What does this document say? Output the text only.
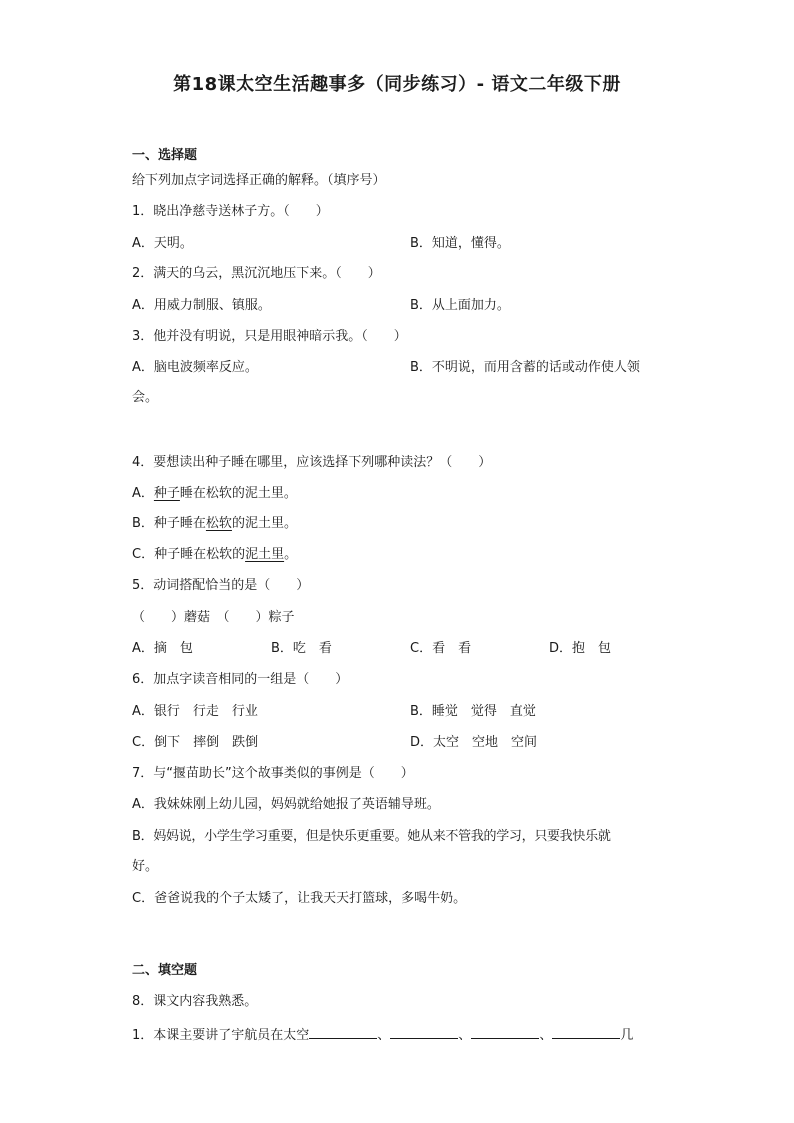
第18课太空生活趣事多（同步练习）- 语文二年级下册
一、选择题
给下列加点字词选择正确的解释。（填序号）
1．晓出净慈寺送林子方。（　　）
A．天明。	B．知道，懂得。
2．满天的乌云，黑沉沉地压下来。（　　）
A．用威力制服、镇服。	B．从上面加力。
3．他并没有明说，只是用眼神暗示我。（　　）
A．脑电波频率反应。	B．不明说，而用含蓄的话或动作使人领
会。
4．要想读出种子睡在哪里，应该选择下列哪种读法？（　　）
A．种子睡在松软的泥土里。
B．种子睡在松软的泥土里。
C．种子睡在松软的泥土里。
5．动词搭配恰当的是（　　）
（　　）蘑菇　（　　）粽子
A．摘　包	B．吃　看	C．看　看	D．抱　包
6．加点字读音相同的一组是（　　）
A．银行　行走　行业	B．睡觉　觉得　直觉
C．倒下　摔倒　跌倒	D．太空　空地　空间
7．与“揠苗助长”这个故事类似的事例是（　　）
A．我妹妹刚上幼儿园，妈妈就给她报了英语辅导班。
B．妈妈说，小学生学习重要，但是快乐更重要。她从来不管我的学习，只要我快乐就
好。
C．爸爸说我的个子太矮了，让我天天打篮球，多喝牛奶。
二、填空题
8．课文内容我熟悉。
1．本课主要讲了宇航员在太空	、	、	、	几
